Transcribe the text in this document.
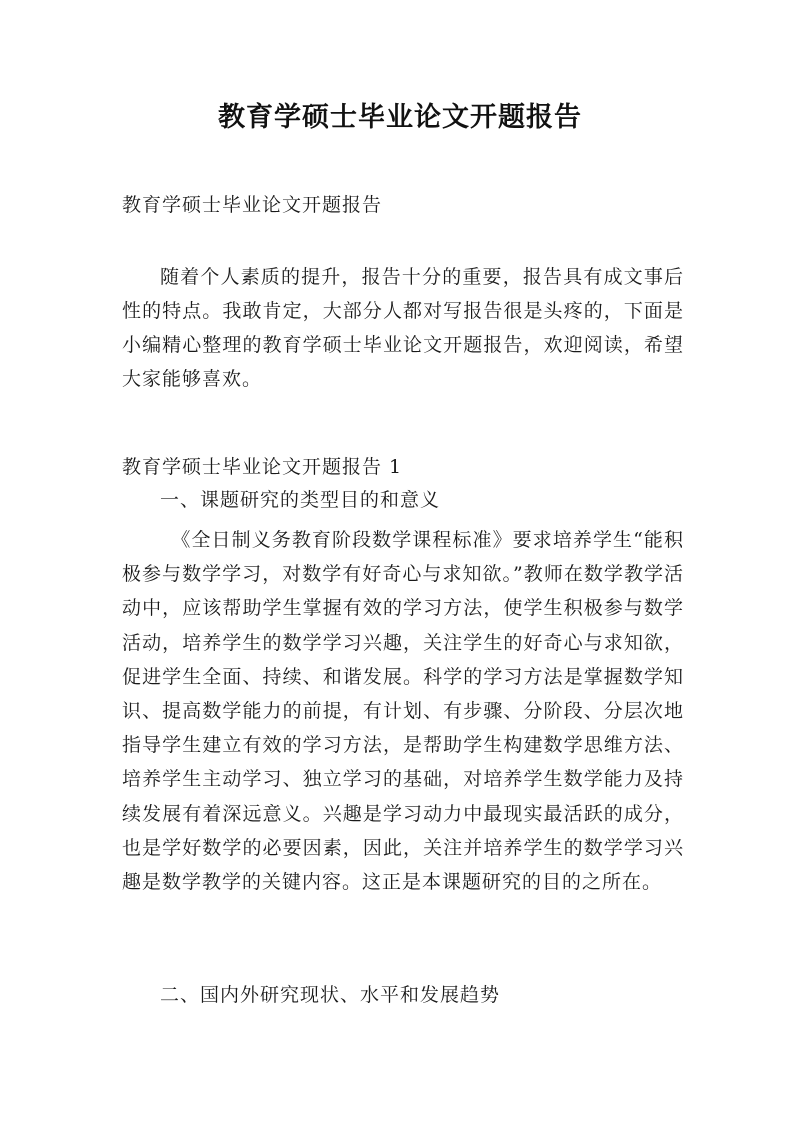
教育学硕士毕业论文开题报告
教育学硕士毕业论文开题报告
随着个人素质的提升，报告十分的重要，报告具有成文事后性的特点。我敢肯定，大部分人都对写报告很是头疼的，下面是小编精心整理的教育学硕士毕业论文开题报告，欢迎阅读，希望大家能够喜欢。
教育学硕士毕业论文开题报告 1
一、课题研究的类型目的和意义
《全日制义务教育阶段数学课程标准》要求培养学生“能积极参与数学学习，对数学有好奇心与求知欲。”教师在数学教学活动中，应该帮助学生掌握有效的学习方法，使学生积极参与数学活动，培养学生的数学学习兴趣，关注学生的好奇心与求知欲，促进学生全面、持续、和谐发展。科学的学习方法是掌握数学知识、提高数学能力的前提，有计划、有步骤、分阶段、分层次地指导学生建立有效的学习方法，是帮助学生构建数学思维方法、培养学生主动学习、独立学习的基础，对培养学生数学能力及持续发展有着深远意义。兴趣是学习动力中最现实最活跃的成分，也是学好数学的必要因素，因此，关注并培养学生的数学学习兴趣是数学教学的关键内容。这正是本课题研究的目的之所在。
二、国内外研究现状、水平和发展趋势
